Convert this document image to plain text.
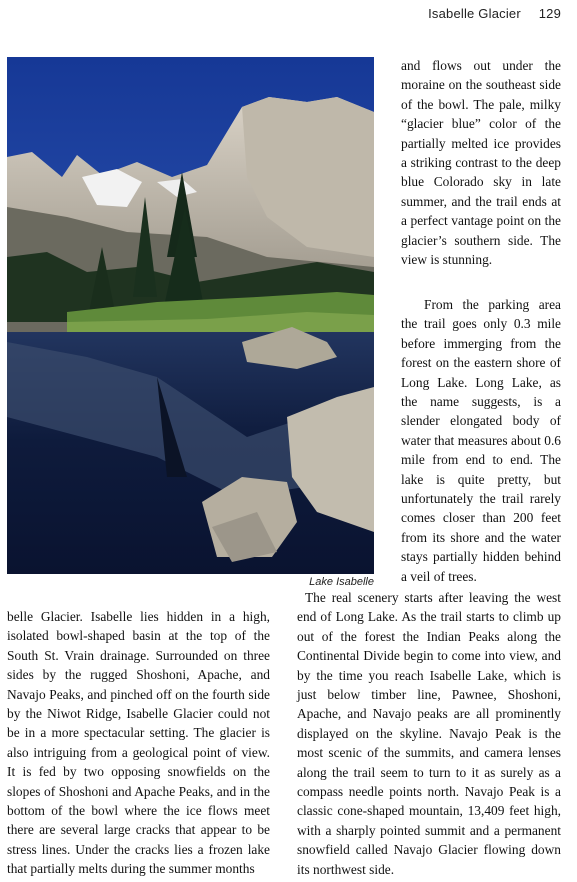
Isabelle Glacier 129
Lake Isabelle

and flows out under the moraine on the southeast side of the bowl. The pale, milky “glacier blue” color of the partially melted ice provides a striking contrast to the deep blue Colorado sky in late summer, and the trail ends at a perfect vantage point on the glacier’s southern side. The view is stunning.

From the parking area the trail goes only 0.3 mile before immerging from the forest on the eastern shore of Long Lake. Long Lake, as the name suggests, is a slender elongated body of water that measures about 0.6 mile from end to end. The lake is quite pretty, but unfortunately the trail rarely comes closer than 200 feet from its shore and the water stays partially hidden behind a veil of trees.

The real scenery starts after leaving the west end of Long Lake. As the trail starts to climb up out of the forest the Indian Peaks along the Continental Divide begin to come into view, and by the time you reach Isabelle Lake, which is just below timber line, Pawnee, Shoshoni, Apache, and Navajo peaks are all prominently displayed on the skyline. Navajo Peak is the most scenic of the summits, and camera lenses along the trail seem to turn to it as surely as a compass needle points north. Navajo Peak is a classic cone-shaped mountain, 13,409 feet high, with a sharply pointed summit and a permanent snowfield called Navajo Glacier flowing down its northwest side.

belle Glacier. Isabelle lies hidden in a high, isolated bowl-shaped basin at the top of the South St. Vrain drainage. Surrounded on three sides by the rugged Shoshoni, Apache, and Navajo Peaks, and pinched off on the fourth side by the Niwot Ridge, Isabelle Glacier could not be in a more spectacular setting. The glacier is also intriguing from a geological point of view. It is fed by two opposing snowfields on the slopes of Shoshoni and Apache Peaks, and in the bottom of the bowl where the ice flows meet there are several large cracks that appear to be stress lines. Under the cracks lies a frozen lake that partially melts during the summer months
